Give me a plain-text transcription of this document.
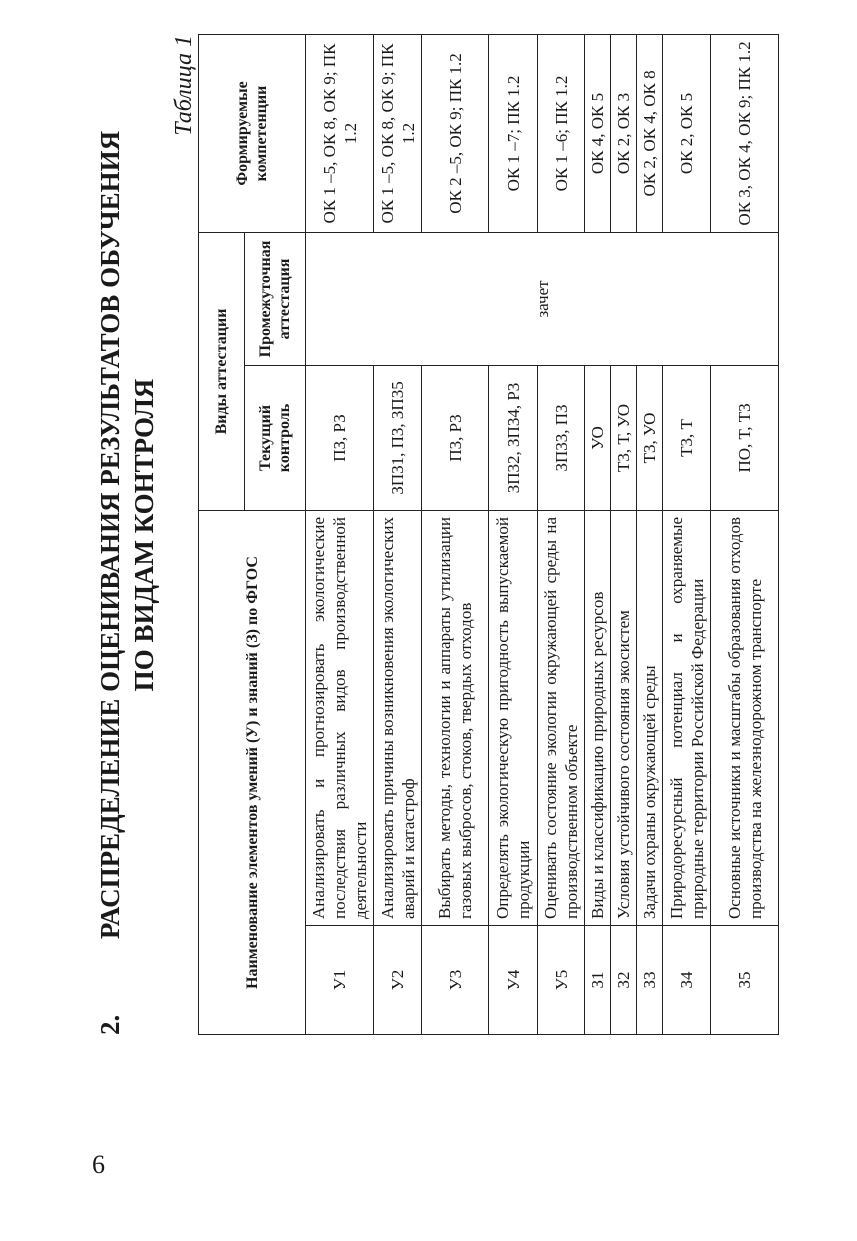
6
2.
РАСПРЕДЕЛЕНИЕ ОЦЕНИВАНИЯ РЕЗУЛЬТАТОВ ОБУЧЕНИЯ ПО ВИДАМ КОНТРОЛЯ
Таблица 1
Наименование элементов умений (У) и знаний (З) по ФГОС		Виды аттестации		Формируемые компетенции
		Текущий контроль	Промежуточная аттестация	
У1	Анализировать и прогнозировать экологические последствия различных видов производственной деятельности	ПЗ, РЗ	зачет	ОК 1 –5, ОК 8, ОК 9; ПК 1.2
У2	Анализировать причины возникновения экологических аварий и катастроф	ЗП31, П3, ЗП35		ОК 1 –5, ОК 8, ОК 9; ПК 1.2
У3	Выбирать методы, технологии и аппараты утилизации газовых выбросов, стоков, твердых отходов	П3, Р3		ОК 2 –5, ОК 9; ПК 1.2
У4	Определять экологическую пригодность выпускаемой продукции	ЗП32, ЗП34, Р3		ОК 1 –7; ПК 1.2
У5	Оценивать состояние экологии окружающей среды на производственном объекте	ЗП33, П3		ОК 1 –6; ПК 1.2
З1	Виды и классификацию природных ресурсов	УО		ОК 4, ОК 5
З2	Условия устойчивого состояния экосистем	Т3, Т, УО		ОК 2, ОК 3
З3	Задачи охраны окружающей среды	Т3, УО		ОК 2, ОК 4, ОК 8
З4	Природоресурсный потенциал и охраняемые природные территории Российской Федерации	Т3, Т		ОК 2, ОК 5
З5	Основные источники и масштабы образования отходов производства на железнодорожном транспорте	ПО, Т, Т3		ОК 3, ОК 4, ОК 9; ПК 1.2
